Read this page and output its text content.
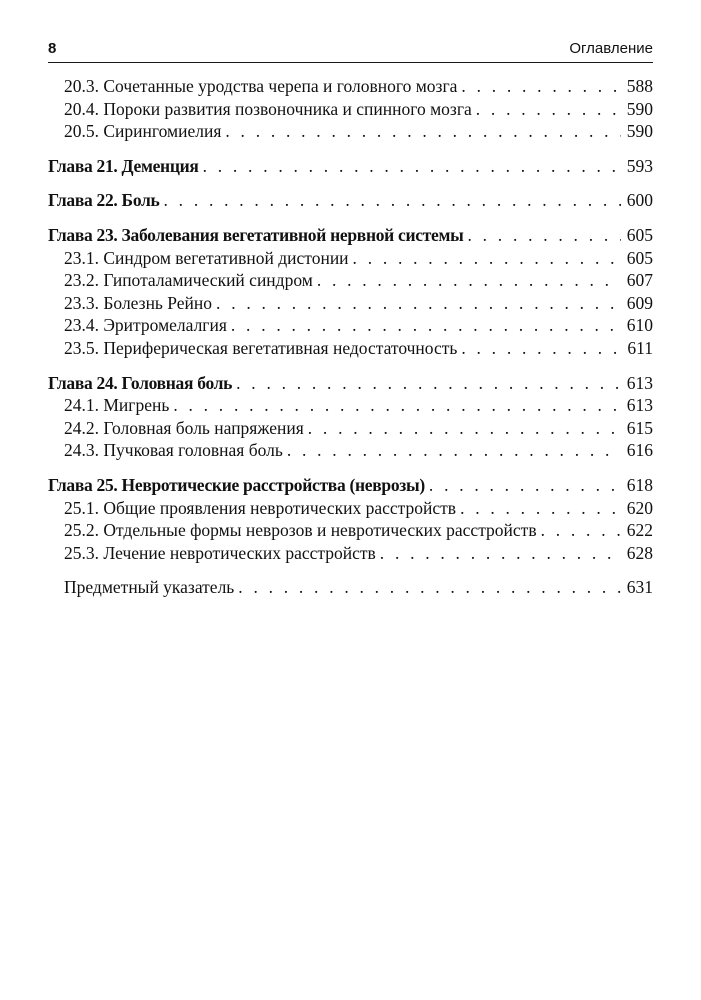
8	Оглавление
20.3. Сочетанные уродства черепа и головного мозга . . .	588
20.4. Пороки развития позвоночника и спинного мозга . . .	590
20.5. Сирингомиелия . . .	590
Глава 21. Деменция . . .	593
Глава 22. Боль . . .	600
Глава 23. Заболевания вегетативной нервной системы . . .	605
23.1. Синдром вегетативной дистонии . . .	605
23.2. Гипоталамический синдром . . .	607
23.3. Болезнь Рейно . . .	609
23.4. Эритромелалгия . . .	610
23.5. Периферическая вегетативная недостаточность . . .	611
Глава 24. Головная боль . . .	613
24.1. Мигрень . . .	613
24.2. Головная боль напряжения . . .	615
24.3. Пучковая головная боль . . .	616
Глава 25. Невротические расстройства (неврозы) . . .	618
25.1. Общие проявления невротических расстройств . . .	620
25.2. Отдельные формы неврозов и невротических расстройств . . .	622
25.3. Лечение невротических расстройств . . .	628
Предметный указатель . . .	631
